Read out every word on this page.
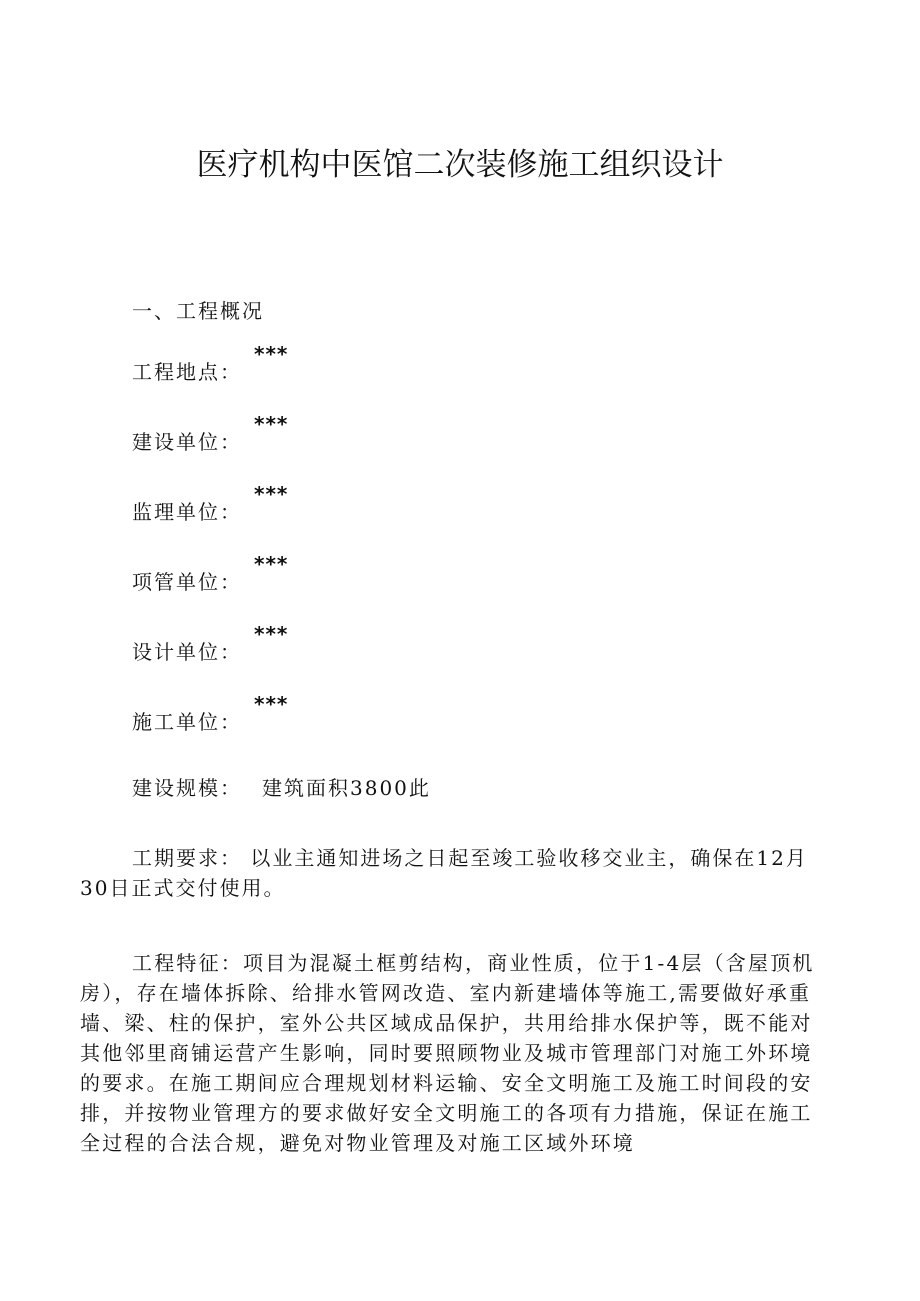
医疗机构中医馆二次装修施工组织设计
一、工程概况
工程地点：
***
建设单位：
***
监理单位：
***
项管单位：
***
设计单位：
***
施工单位：
***
建设规模： 建筑面积3800此

工期要求： 以业主通知进场之日起至竣工验收移交业主，确保在12月30日正式交付使用。

工程特征：项目为混凝土框剪结构，商业性质，位于1-4层（含屋顶机房），存在墙体拆除、给排水管网改造、室内新建墙体等施工,需要做好承重墙、梁、柱的保护，室外公共区域成品保护，共用给排水保护等，既不能对其他邻里商铺运营产生影响，同时要照顾物业及城市管理部门对施工外环境的要求。在施工期间应合理规划材料运输、安全文明施工及施工时间段的安排，并按物业管理方的要求做好安全文明施工的各项有力措施，保证在施工全过程的合法合规，避免对物业管理及对施工区域外环境
